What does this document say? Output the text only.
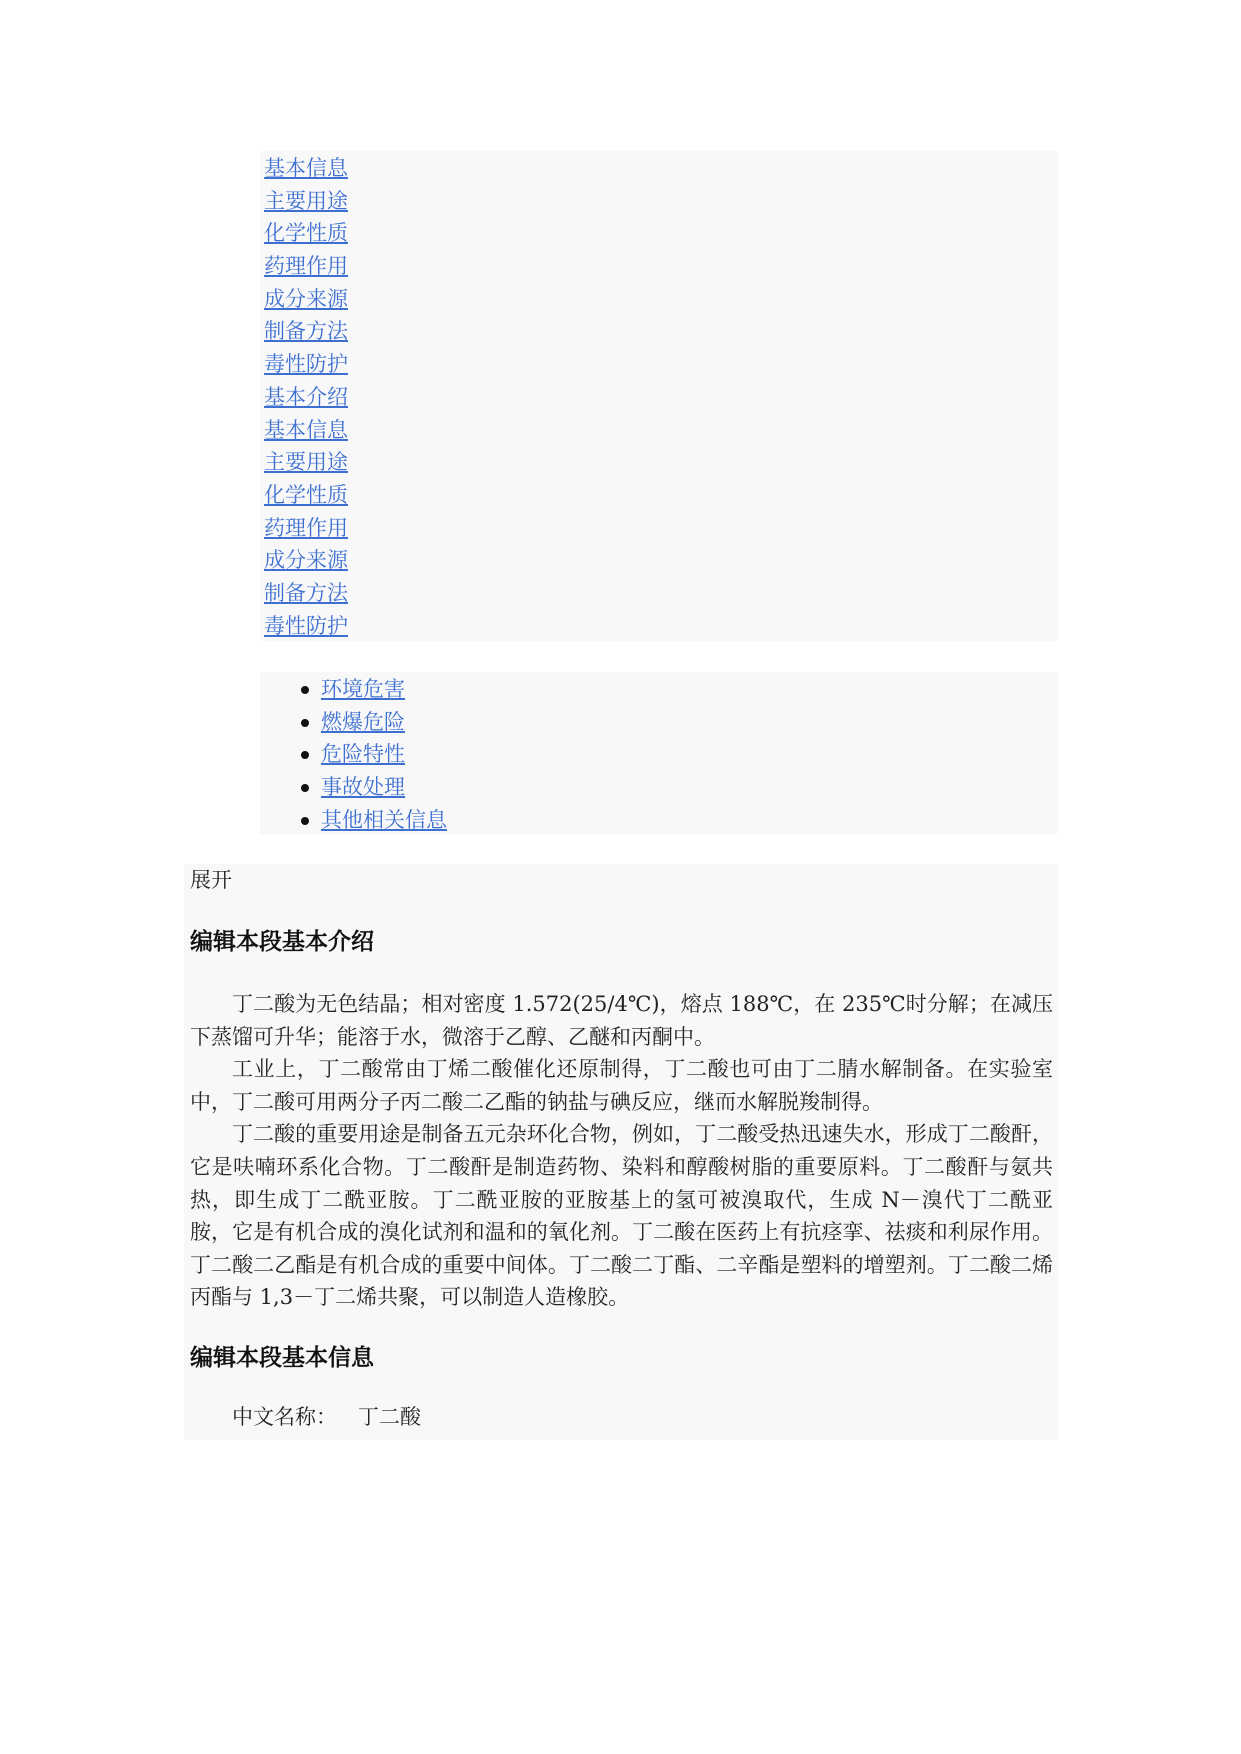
基本信息
主要用途
化学性质
药理作用
成分来源
制备方法
毒性防护
基本介绍
基本信息
主要用途
化学性质
药理作用
成分来源
制备方法
毒性防护
环境危害
燃爆危险
危险特性
事故处理
其他相关信息
展开
编辑本段基本介绍

丁二酸为无色结晶；相对密度 1.572(25/4℃)，熔点 188℃，在 235℃时分解；在减压下蒸馏可升华；能溶于水，微溶于乙醇、乙醚和丙酮中。

工业上，丁二酸常由丁烯二酸催化还原制得，丁二酸也可由丁二腈水解制备。在实验室中，丁二酸可用两分子丙二酸二乙酯的钠盐与碘反应，继而水解脱羧制得。

丁二酸的重要用途是制备五元杂环化合物，例如，丁二酸受热迅速失水，形成丁二酸酐，它是呋喃环系化合物。丁二酸酐是制造药物、染料和醇酸树脂的重要原料。丁二酸酐与氨共热，即生成丁二酰亚胺。丁二酰亚胺的亚胺基上的氢可被溴取代，生成 N－溴代丁二酰亚胺，它是有机合成的溴化试剂和温和的氧化剂。丁二酸在医药上有抗痉挛、祛痰和利尿作用。丁二酸二乙酯是有机合成的重要中间体。丁二酸二丁酯、二辛酯是塑料的增塑剂。丁二酸二烯丙酯与 1,3－丁二烯共聚，可以制造人造橡胶。

编辑本段基本信息
中文名称： 丁二酸
